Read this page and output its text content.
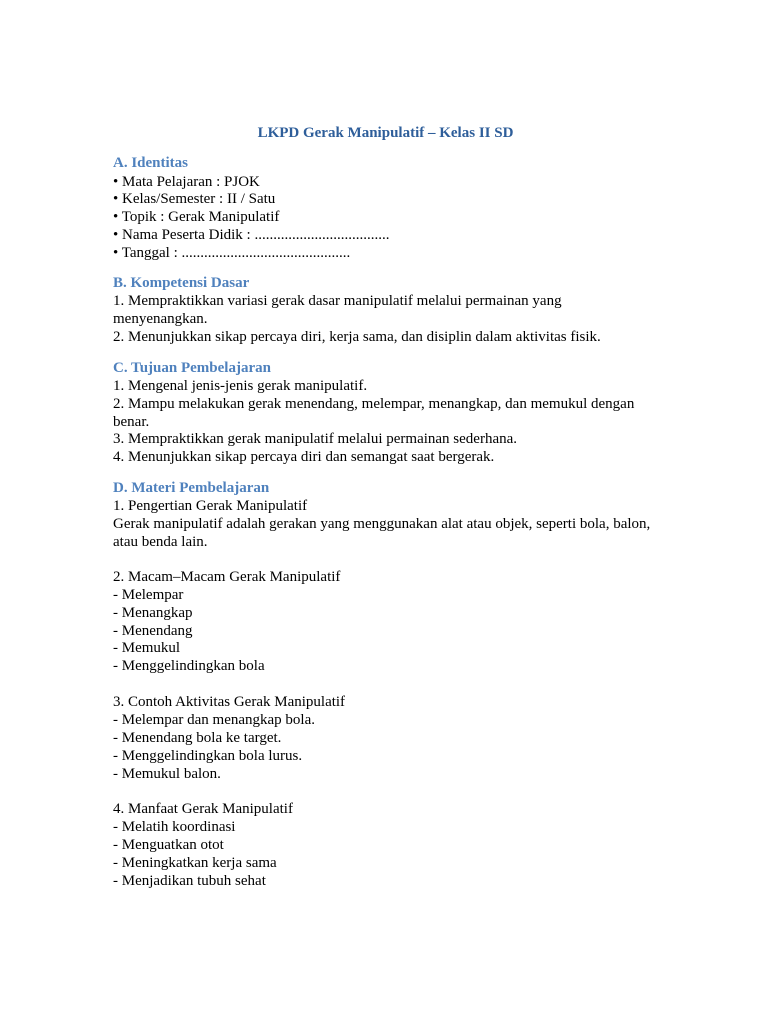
LKPD Gerak Manipulatif – Kelas II SD
A. Identitas

• Mata Pelajaran : PJOK

• Kelas/Semester : II / Satu

• Topik : Gerak Manipulatif

• Nama Peserta Didik : ....................................

• Tanggal : .............................................

B. Kompetensi Dasar

1. Mempraktikkan variasi gerak dasar manipulatif melalui permainan yang

menyenangkan.

2. Menunjukkan sikap percaya diri, kerja sama, dan disiplin dalam aktivitas fisik.

C. Tujuan Pembelajaran

1. Mengenal jenis-jenis gerak manipulatif.

2. Mampu melakukan gerak menendang, melempar, menangkap, dan memukul dengan

benar.

3. Mempraktikkan gerak manipulatif melalui permainan sederhana.

4. Menunjukkan sikap percaya diri dan semangat saat bergerak.

D. Materi Pembelajaran

1. Pengertian Gerak Manipulatif

Gerak manipulatif adalah gerakan yang menggunakan alat atau objek, seperti bola, balon,

atau benda lain.

2. Macam–Macam Gerak Manipulatif

- Melempar

- Menangkap

- Menendang

- Memukul

- Menggelindingkan bola

3. Contoh Aktivitas Gerak Manipulatif

- Melempar dan menangkap bola.

- Menendang bola ke target.

- Menggelindingkan bola lurus.

- Memukul balon.

4. Manfaat Gerak Manipulatif

- Melatih koordinasi

- Menguatkan otot

- Meningkatkan kerja sama

- Menjadikan tubuh sehat
